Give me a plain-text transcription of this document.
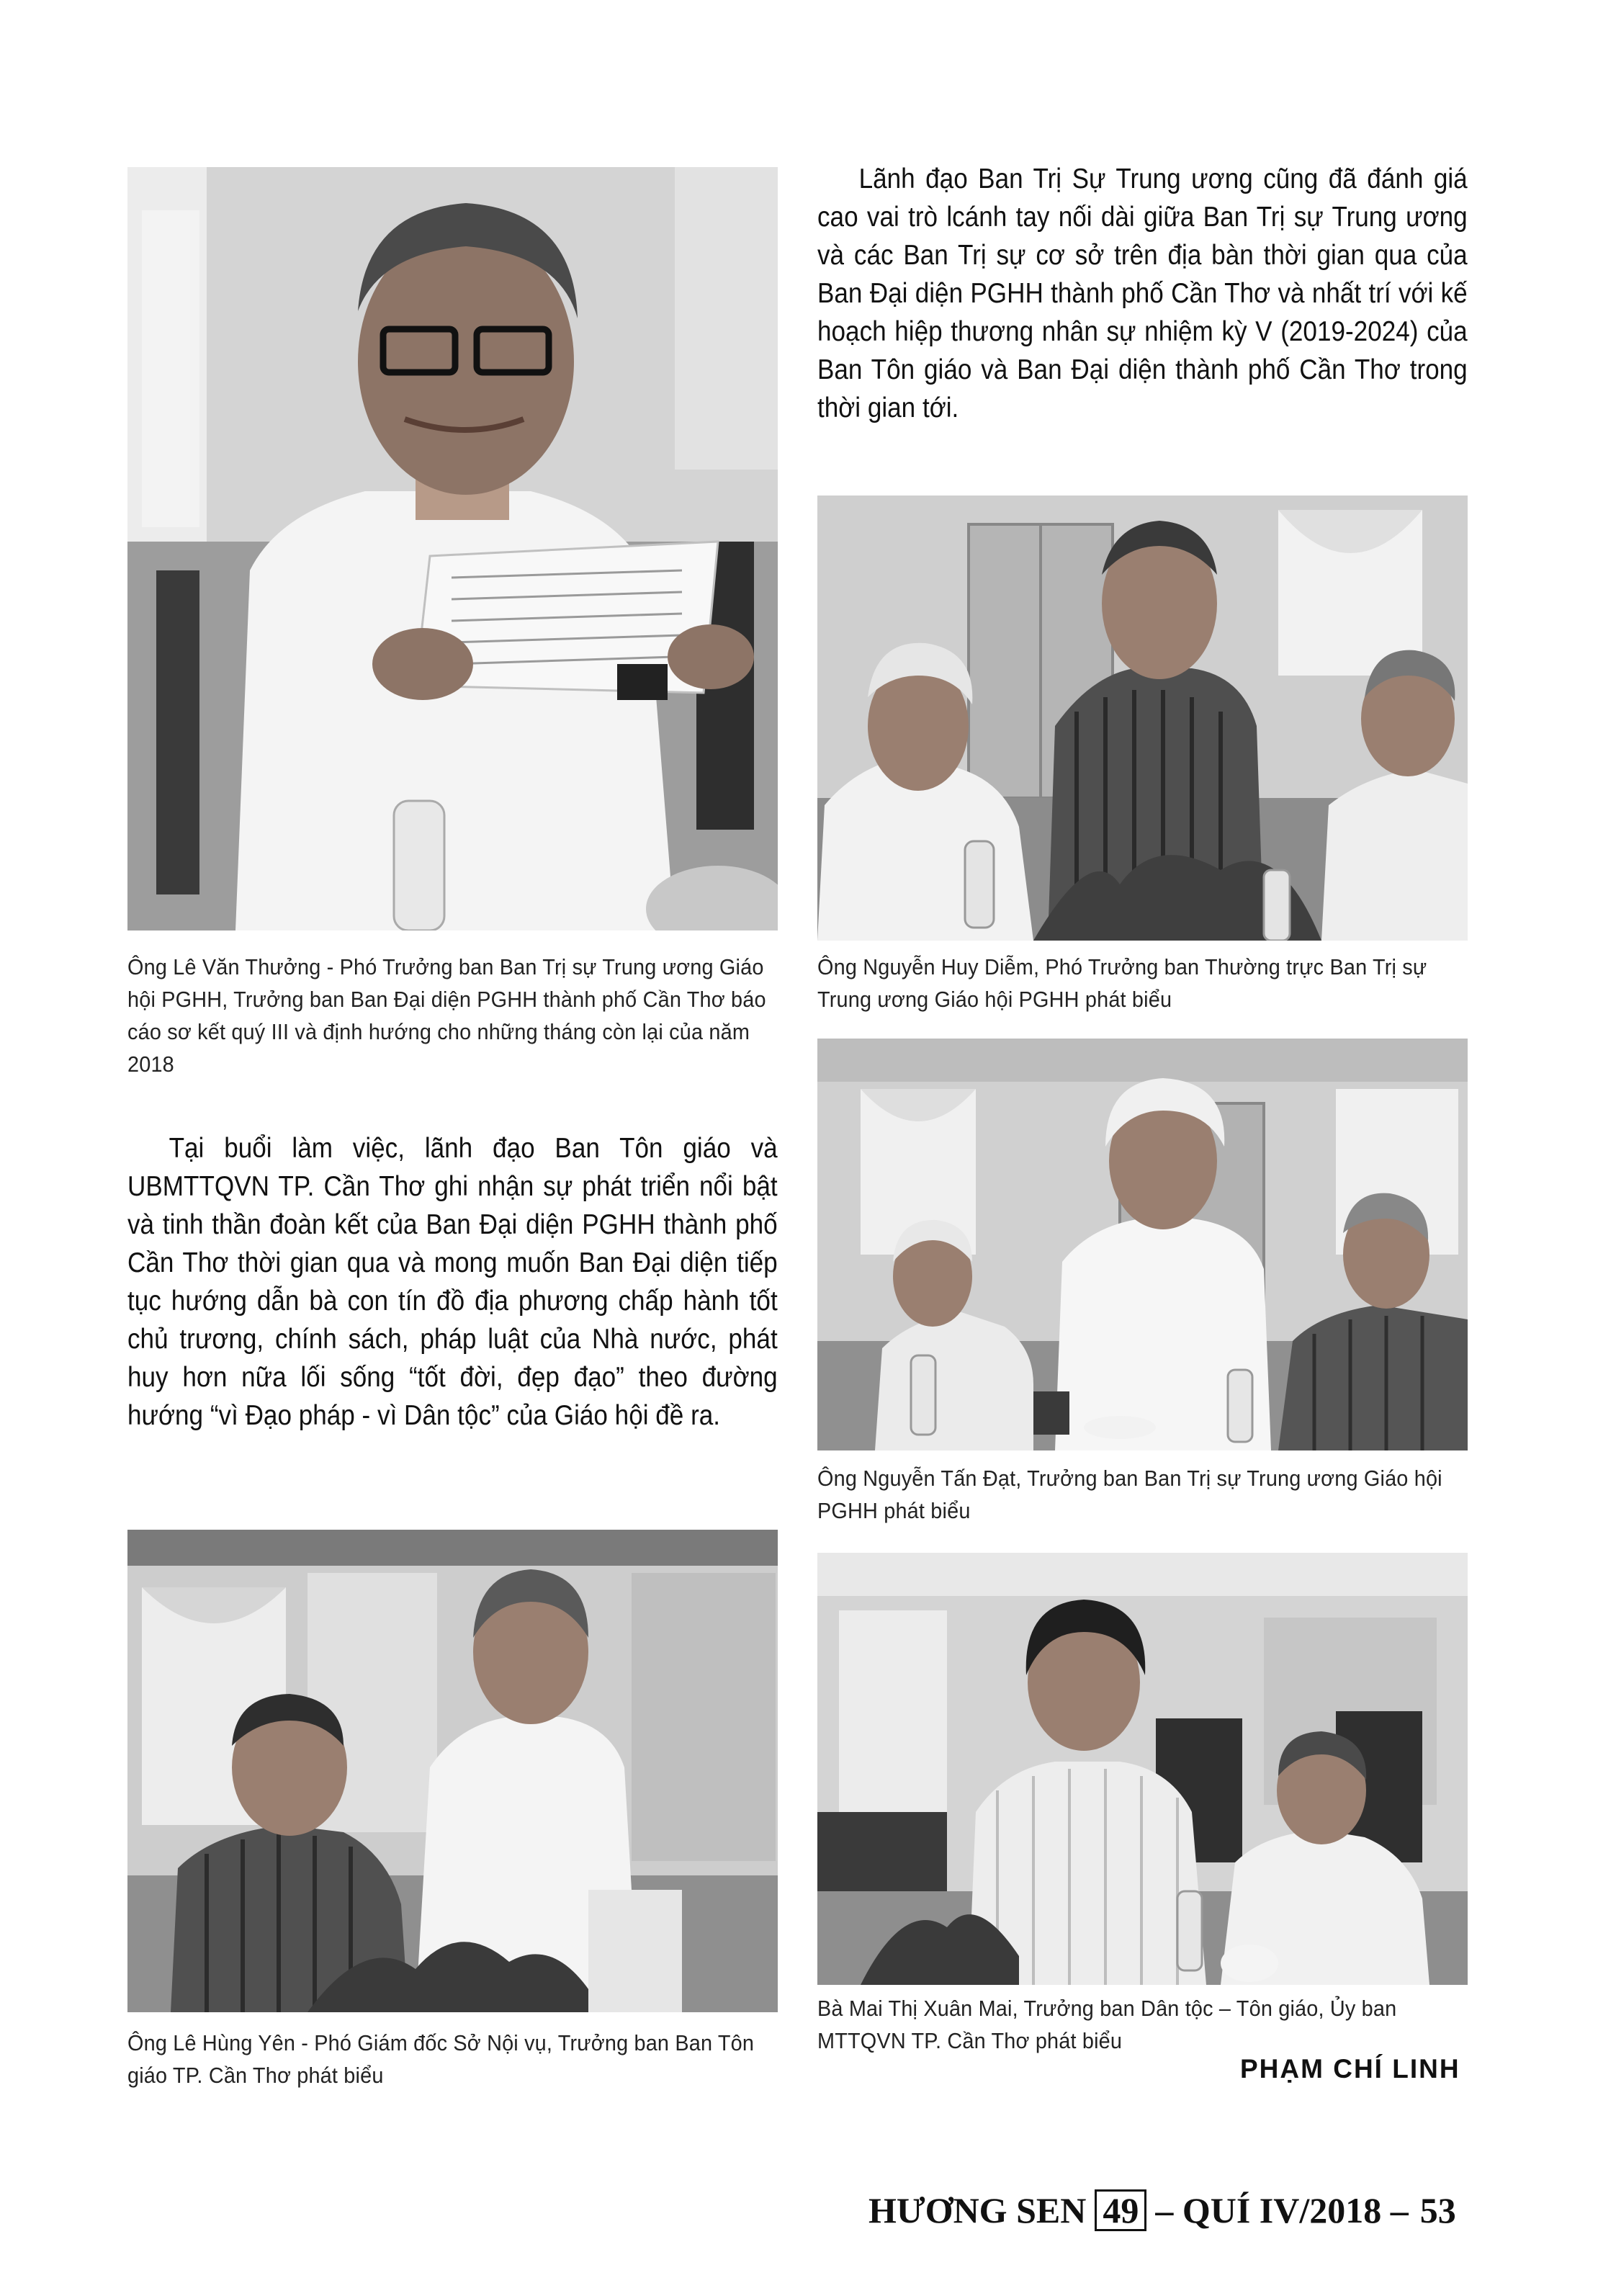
Ông Lê Văn Thưởng - Phó Trưởng ban Ban Trị sự Trung ương Giáo hội PGHH, Trưởng ban Ban Đại diện PGHH thành phố Cần Thơ báo cáo sơ kết quý III và định hướng cho những tháng còn lại của năm 2018
Ông Nguyễn Huy Diễm, Phó Trưởng ban Thường trực Ban Trị sự Trung ương Giáo hội PGHH phát biểu
Ông Nguyễn Tấn Đạt, Trưởng ban Ban Trị sự Trung ương Giáo hội PGHH phát biểu
Ông Lê Hùng Yên - Phó Giám đốc Sở Nội vụ, Trưởng ban Ban Tôn giáo TP. Cần Thơ phát biểu
Bà Mai Thị Xuân Mai, Trưởng ban Dân tộc – Tôn giáo, Ủy ban MTTQVN TP. Cần Thơ phát biểu
Lãnh đạo Ban Trị Sự Trung ương cũng đã đánh giá cao vai trò lcánh tay nối dài giữa Ban Trị sự Trung ương và các Ban Trị sự cơ sở trên địa bàn thời gian qua của Ban Đại diện PGHH thành phố Cần Thơ và nhất trí với kế hoạch hiệp thương nhân sự nhiệm kỳ V (2019-2024) của Ban Tôn giáo và Ban Đại diện thành phố Cần Thơ trong thời gian tới.
Tại buổi làm việc, lãnh đạo Ban Tôn giáo và UBMTTQVN TP. Cần Thơ ghi nhận sự phát triển nổi bật và tinh thần đoàn kết của Ban Đại diện PGHH thành phố Cần Thơ thời gian qua và mong muốn Ban Đại diện tiếp tục hướng dẫn bà con tín đồ địa phương chấp hành tốt chủ trương, chính sách, pháp luật của Nhà nước, phát huy hơn nữa lối sống “tốt đời, đẹp đạo” theo đường hướng “vì Đạo pháp - vì Dân tộc” của Giáo hội đề ra.
PHẠM CHÍ LINH
HƯƠNG SEN 49 – QUÍ IV/2018 – 53
